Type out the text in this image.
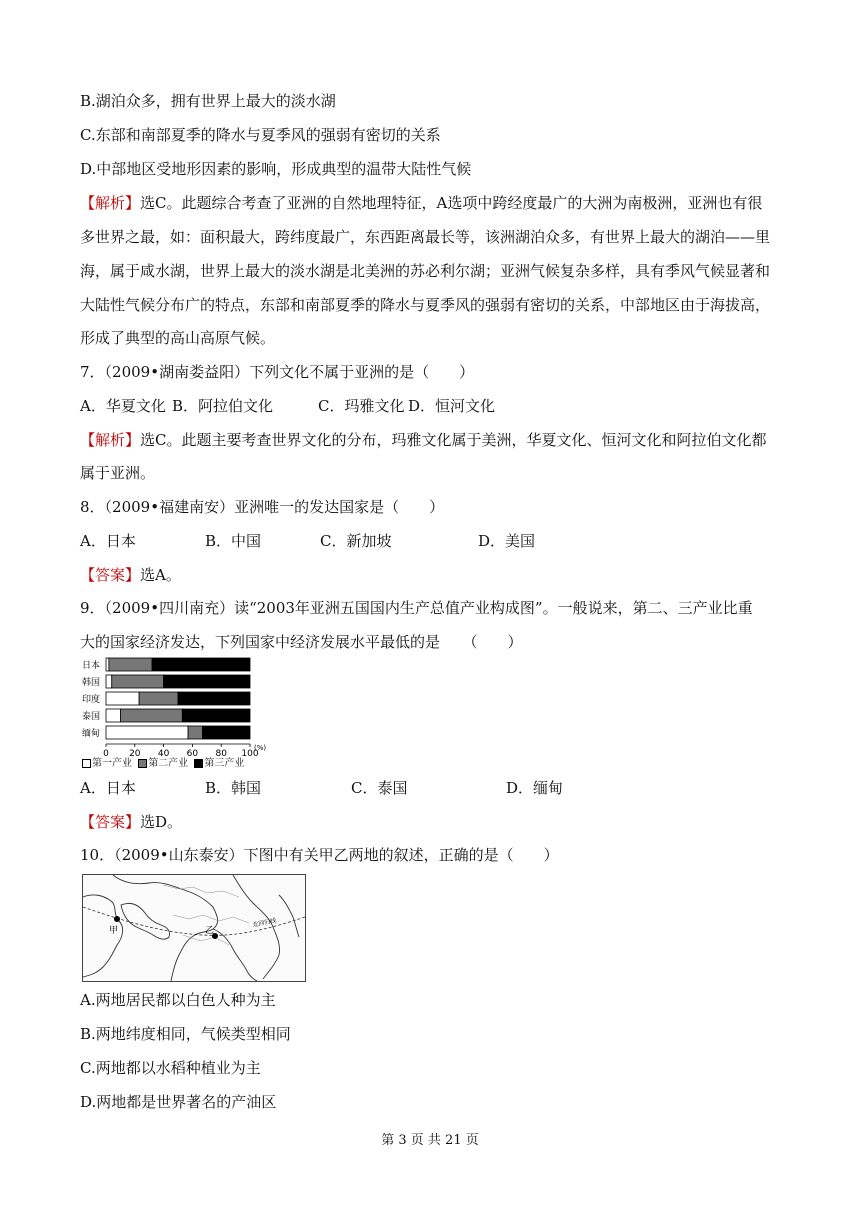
B.湖泊众多，拥有世界上最大的淡水湖
C.东部和南部夏季的降水与夏季风的强弱有密切的关系
D.中部地区受地形因素的影响，形成典型的温带大陆性气候
【解析】选C。此题综合考查了亚洲的自然地理特征，A选项中跨经度最广的大洲为南极洲，亚洲也有很
多世界之最，如：面积最大，跨纬度最广，东西距离最长等，该洲湖泊众多，有世界上最大的湖泊——里
海，属于咸水湖，世界上最大的淡水湖是北美洲的苏必利尔湖；亚洲气候复杂多样，具有季风气候显著和
大陆性气候分布广的特点，东部和南部夏季的降水与夏季风的强弱有密切的关系，中部地区由于海拔高，
形成了典型的高山高原气候。
7．（2009•湖南娄益阳）下列文化不属于亚洲的是（　　）
A．华夏文化 B．阿拉伯文化	C．玛雅文化 D．恒河文化
【解析】选C。此题主要考查世界文化的分布，玛雅文化属于美洲，华夏文化、恒河文化和阿拉伯文化都
属于亚洲。
8．（2009•福建南安）亚洲唯一的发达国家是（　　）
A．日本	B．中国	C．新加坡	D．美国
【答案】选A。
9．（2009•四川南充）读“2003年亚洲五国国内生产总值产业构成图”。一般说来，第二、三产业比重
大的国家经济发达，下列国家中经济发展水平最低的是　　（　　）
日本
韩国
印度
泰国
缅甸
0 20 40 60 80 100
(%)
第一产业 第二产业 第三产业
A．日本	B．韩国	C．泰国	D．缅甸
【答案】选D。
10．（2009•山东泰安）下图中有关甲乙两地的叙述，正确的是（　　）
甲	乙
北回归线
A.两地居民都以白色人种为主
B.两地纬度相同，气候类型相同
C.两地都以水稻种植业为主
D.两地都是世界著名的产油区
第 3 页 共 21 页
